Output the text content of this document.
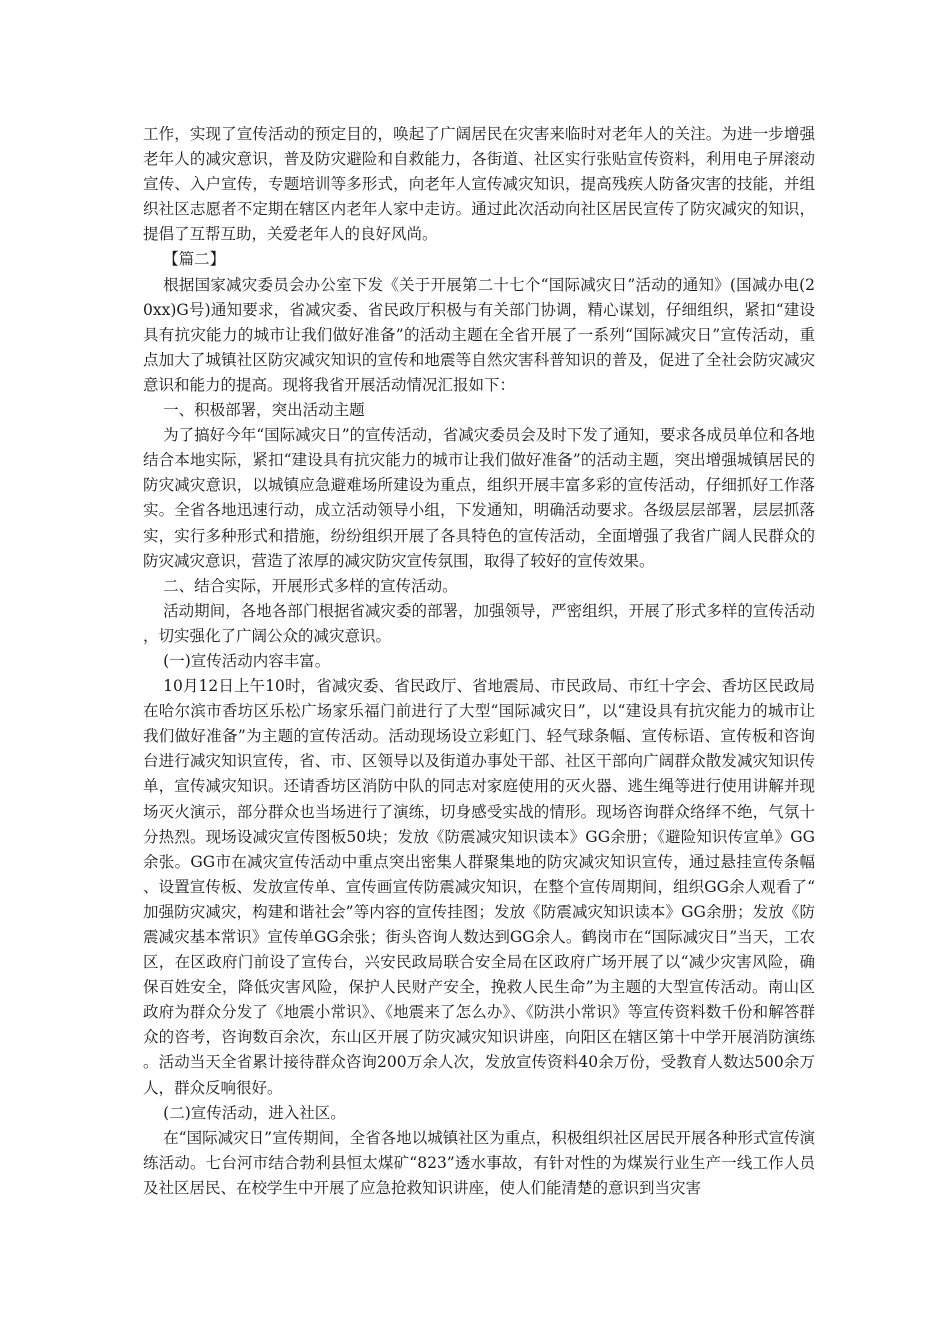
工作，实现了宣传活动的预定目的，唤起了广阔居民在灾害来临时对老年人的关注。为进一步增强老年人的减灾意识，普及防灾避险和自救能力，各街道、社区实行张贴宣传资料，利用电子屏滚动宣传、入户宣传，专题培训等多形式，向老年人宣传减灾知识，提高残疾人防备灾害的技能，并组织社区志愿者不定期在辖区内老年人家中走访。通过此次活动向社区居民宣传了防灾减灾的知识，提倡了互帮互助，关爱老年人的良好风尚。

【篇二】

根据国家减灾委员会办公室下发《关于开展第二十七个“国际减灾日”活动的通知》(国减办电(20xx)G号)通知要求，省减灾委、省民政厅积极与有关部门协调，精心谋划，仔细组织，紧扣“建设具有抗灾能力的城市让我们做好准备”的活动主题在全省开展了一系列“国际减灾日”宣传活动，重点加大了城镇社区防灾减灾知识的宣传和地震等自然灾害科普知识的普及，促进了全社会防灾减灾意识和能力的提高。现将我省开展活动情况汇报如下：

一、积极部署，突出活动主题

为了搞好今年“国际减灾日”的宣传活动，省减灾委员会及时下发了通知，要求各成员单位和各地结合本地实际，紧扣“建设具有抗灾能力的城市让我们做好准备”的活动主题，突出增强城镇居民的防灾减灾意识，以城镇应急避难场所建设为重点，组织开展丰富多彩的宣传活动，仔细抓好工作落实。全省各地迅速行动，成立活动领导小组，下发通知，明确活动要求。各级层层部署，层层抓落实，实行多种形式和措施，纷纷组织开展了各具特色的宣传活动，全面增强了我省广阔人民群众的防灾减灾意识，营造了浓厚的减灾防灾宣传氛围，取得了较好的宣传效果。

二、结合实际，开展形式多样的宣传活动。

活动期间，各地各部门根据省减灾委的部署，加强领导，严密组织，开展了形式多样的宣传活动，切实强化了广阔公众的减灾意识。

(一)宣传活动内容丰富。

10月12日上午10时，省减灾委、省民政厅、省地震局、市民政局、市红十字会、香坊区民政局在哈尔滨市香坊区乐松广场家乐福门前进行了大型“国际减灾日”，以“建设具有抗灾能力的城市让我们做好准备”为主题的宣传活动。活动现场设立彩虹门、轻气球条幅、宣传标语、宣传板和咨询台进行减灾知识宣传，省、市、区领导以及街道办事处干部、社区干部向广阔群众散发减灾知识传单，宣传减灾知识。还请香坊区消防中队的同志对家庭使用的灭火器、逃生绳等进行使用讲解并现场灭火演示，部分群众也当场进行了演练，切身感受实战的情形。现场咨询群众络绎不绝，气氛十分热烈。现场设减灾宣传图板50块；发放《防震减灾知识读本》GG余册；《避险知识传宣单》GG余张。GG市在减灾宣传活动中重点突出密集人群聚集地的防灾减灾知识宣传，通过悬挂宣传条幅、设置宣传板、发放宣传单、宣传画宣传防震减灾知识，在整个宣传周期间，组织GG余人观看了“加强防灾减灾，构建和谐社会”等内容的宣传挂图；发放《防震减灾知识读本》GG余册；发放《防震减灾基本常识》宣传单GG余张；街头咨询人数达到GG余人。鹤岗市在“国际减灾日”当天，工农区，在区政府门前设了宣传台，兴安民政局联合安全局在区政府广场开展了以“减少灾害风险，确保百姓安全，降低灾害风险，保护人民财产安全，挽救人民生命”为主题的大型宣传活动。南山区政府为群众分发了《地震小常识》、《地震来了怎么办》、《防洪小常识》等宣传资料数千份和解答群众的咨考，咨询数百余次，东山区开展了防灾减灾知识讲座，向阳区在辖区第十中学开展消防演练。活动当天全省累计接待群众咨询200万余人次，发放宣传资料40余万份，受教育人数达500余万人，群众反响很好。

(二)宣传活动，进入社区。

在“国际减灾日”宣传期间，全省各地以城镇社区为重点，积极组织社区居民开展各种形式宣传演练活动。七台河市结合勃利县恒太煤矿“823”透水事故，有针对性的为煤炭行业生产一线工作人员及社区居民、在校学生中开展了应急抢救知识讲座，使人们能清楚的意识到当灾害
